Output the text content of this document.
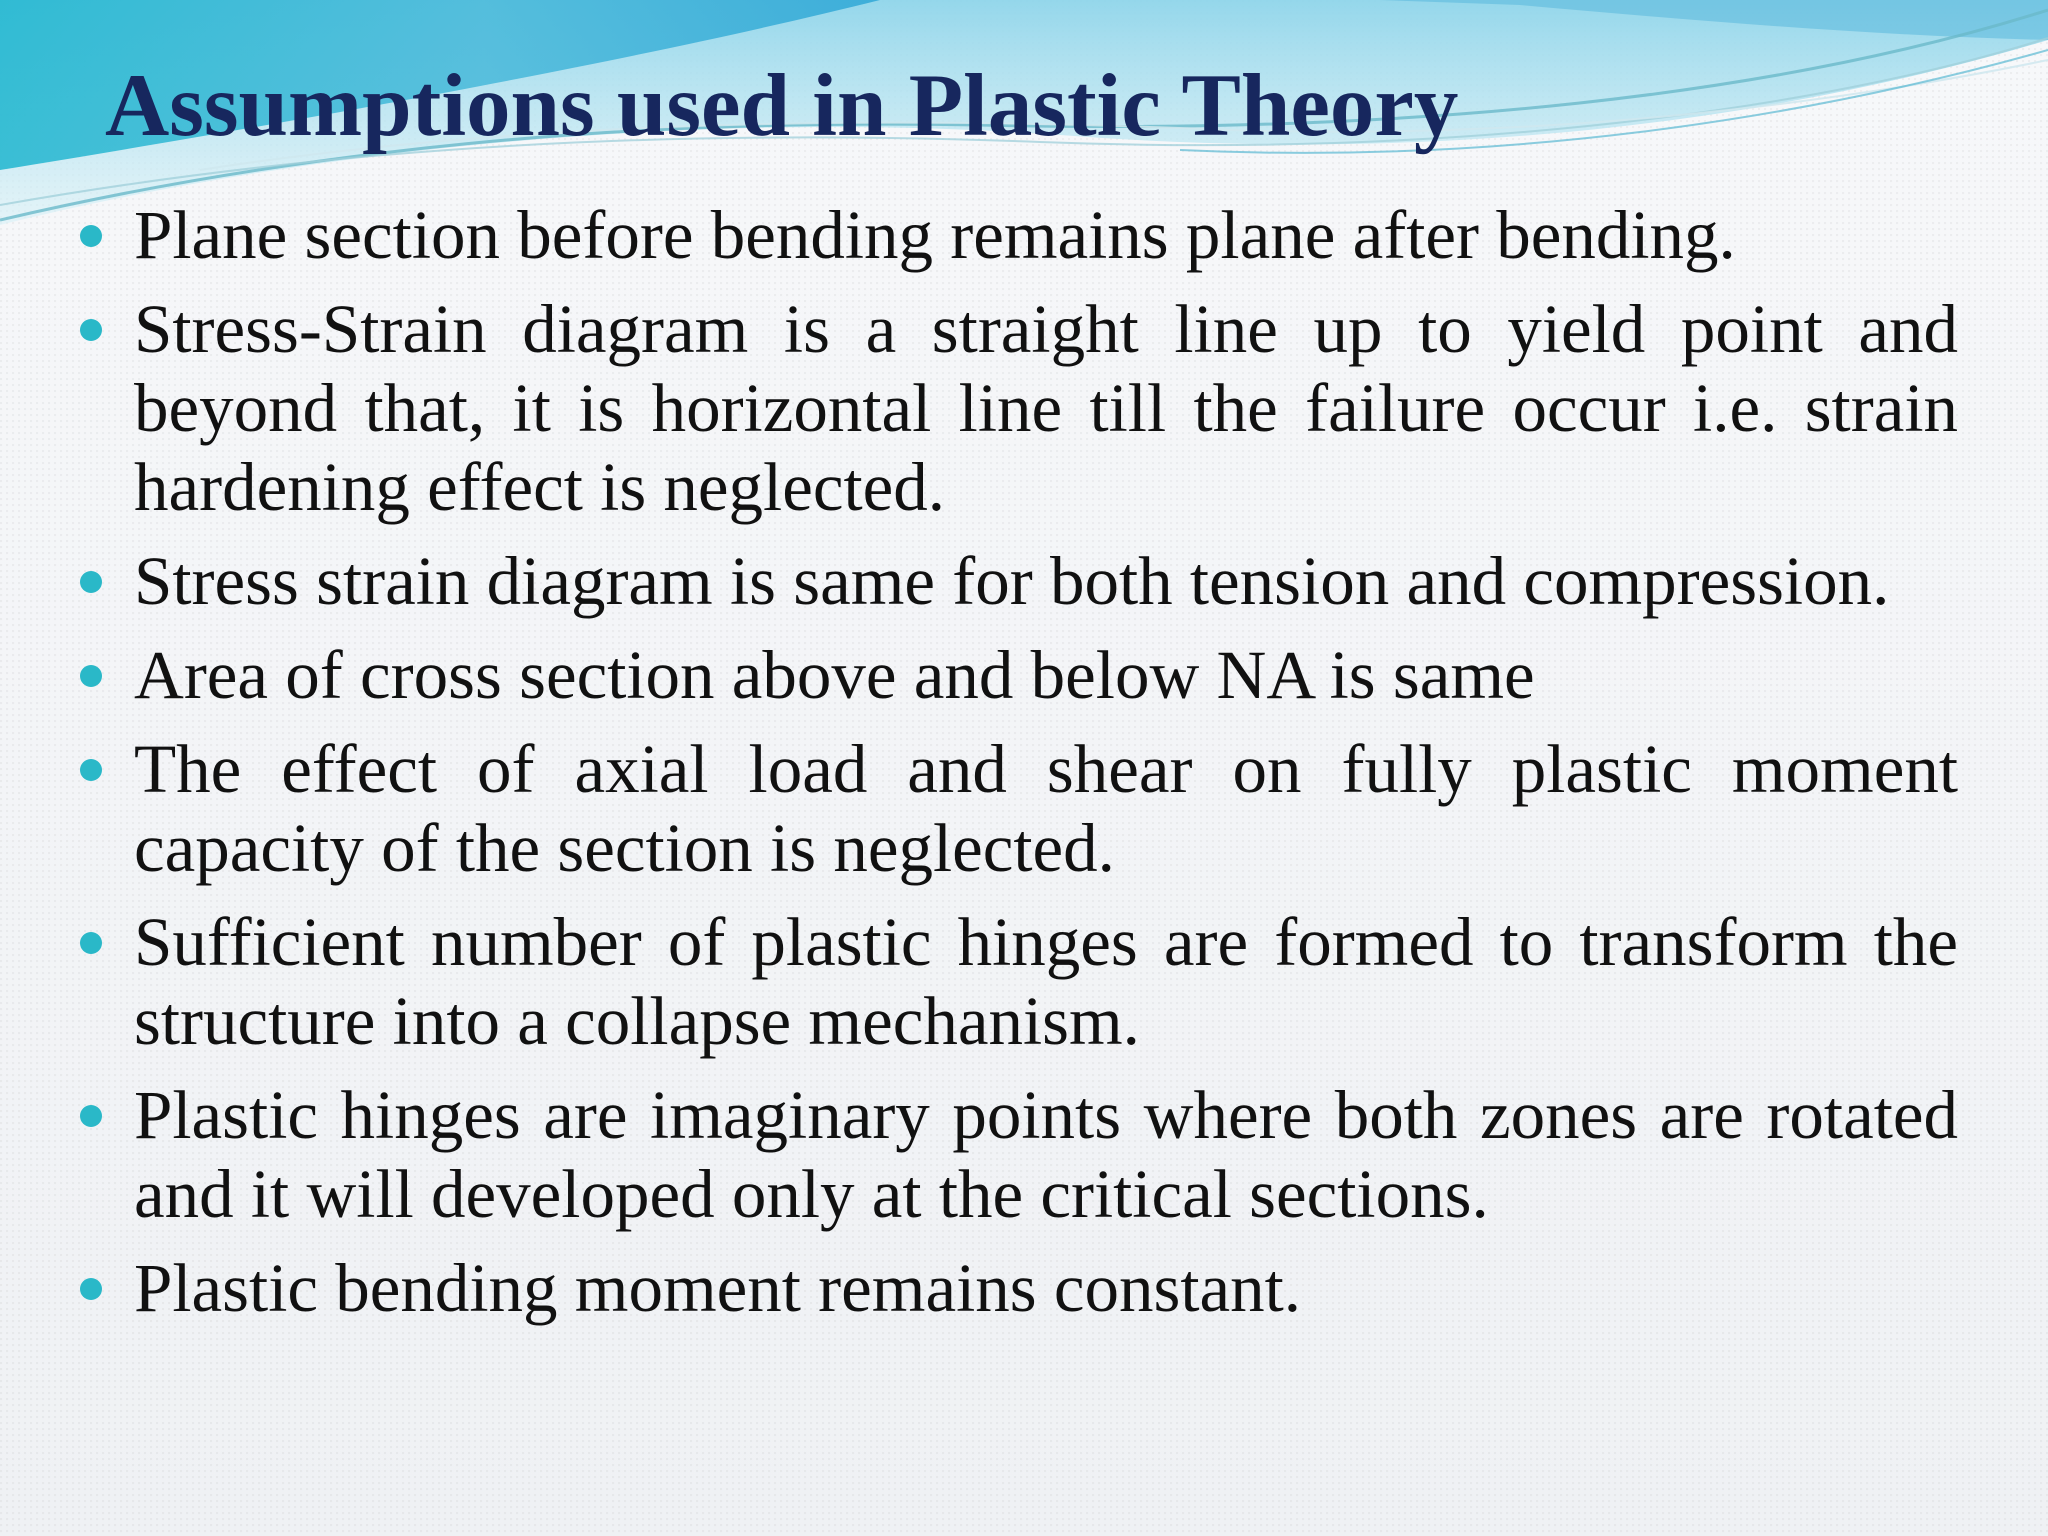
Assumptions used in Plastic Theory
Plane section before bending remains plane after bending.
Stress-Strain diagram is a straight line up to yield point and beyond that, it is horizontal line till the failure occur i.e. strain hardening effect is neglected.
Stress strain diagram is same for both tension and compression.
Area of cross section above and below NA is same
The effect of axial load and shear on fully plastic moment capacity of the section is neglected.
Sufficient number of plastic hinges are formed to transform the structure into a collapse mechanism.
Plastic hinges are imaginary points where both zones are rotated and it will developed only at the critical sections.
Plastic bending moment remains constant.
